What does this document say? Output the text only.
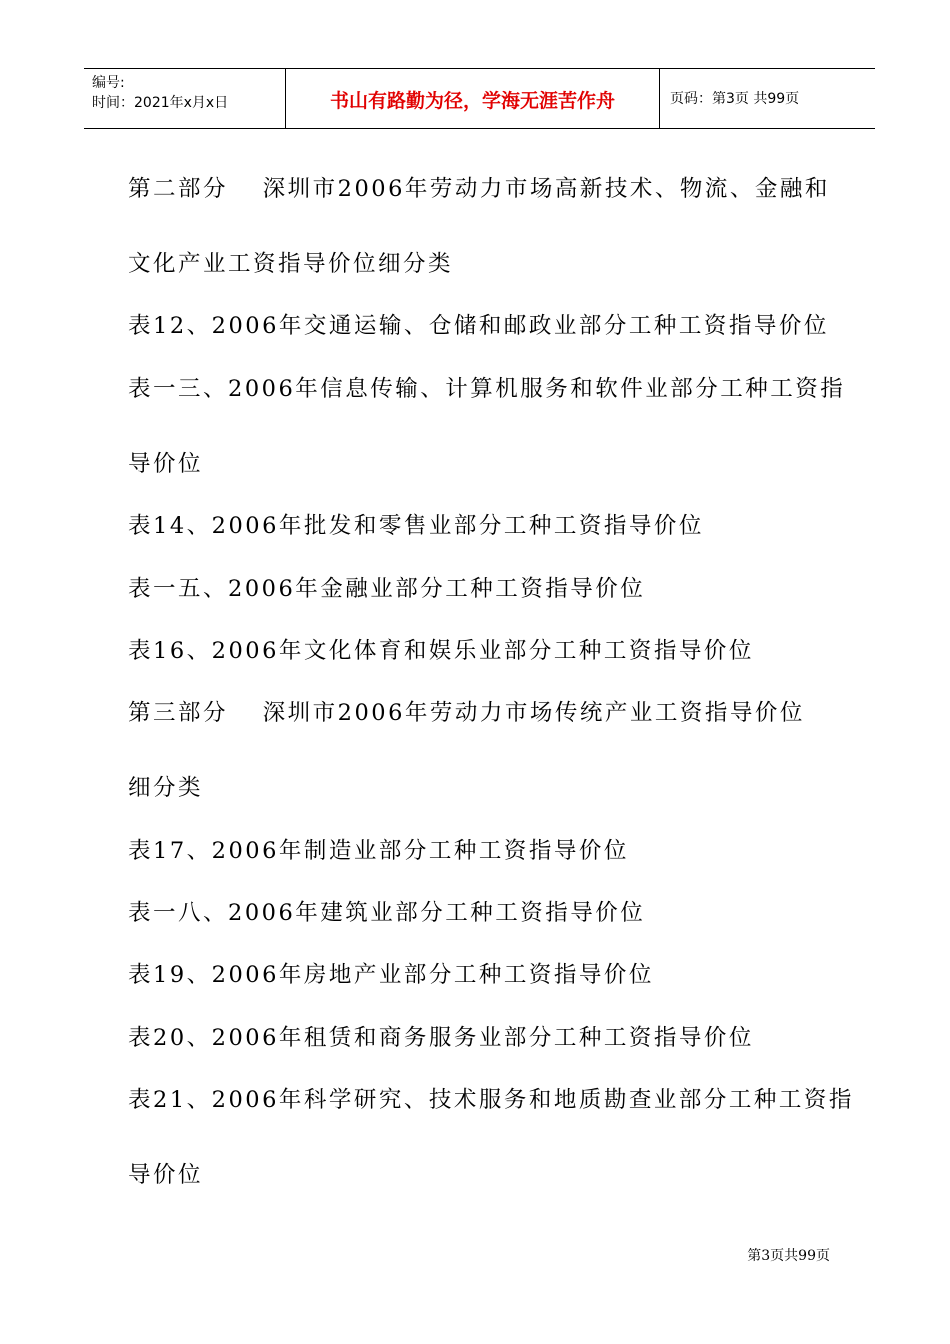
编号:
时间：2021年x月x日	书山有路勤为径，学海无涯苦作舟	页码：第3页 共99页
第二部分　 深圳市2006年劳动力市场高新技术、物流、金融和
文化产业工资指导价位细分类
表12、2006年交通运输、仓储和邮政业部分工种工资指导价位
表一三、2006年信息传输、计算机服务和软件业部分工种工资指
导价位
表14、2006年批发和零售业部分工种工资指导价位
表一五、2006年金融业部分工种工资指导价位
表16、2006年文化体育和娱乐业部分工种工资指导价位
第三部分　 深圳市2006年劳动力市场传统产业工资指导价位
细分类
表17、2006年制造业部分工种工资指导价位
表一八、2006年建筑业部分工种工资指导价位
表19、2006年房地产业部分工种工资指导价位
表20、2006年租赁和商务服务业部分工种工资指导价位
表21、2006年科学研究、技术服务和地质勘查业部分工种工资指
导价位
第3页共99页
